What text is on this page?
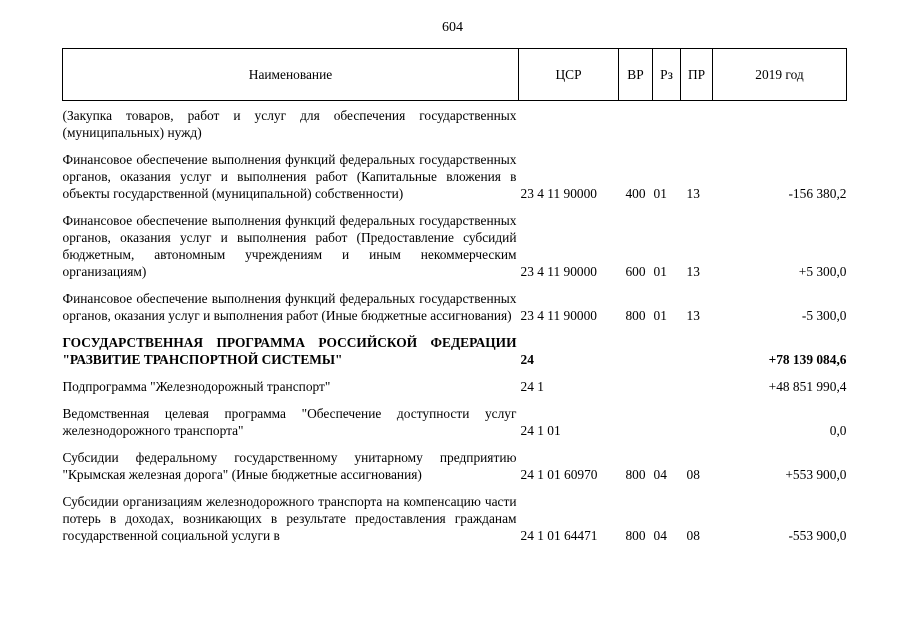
604
Наименование	ЦСР	ВР	Рз	ПР	2019 год
(Закупка товаров, работ и услуг для обеспечения государственных (муниципальных) нужд)					
Финансовое обеспечение выполнения функций федеральных государственных органов, оказания услуг и выполнения работ (Капитальные вложения в объекты государственной (муниципальной) собственности)	23 4 11 90000	400	01	13	-156 380,2
Финансовое обеспечение выполнения функций федеральных государственных органов, оказания услуг и выполнения работ (Предоставление субсидий бюджетным, автономным учреждениям и иным некоммерческим организациям)	23 4 11 90000	600	01	13	+5 300,0
Финансовое обеспечение выполнения функций федеральных государственных органов, оказания услуг и выполнения работ (Иные бюджетные ассигнования)	23 4 11 90000	800	01	13	-5 300,0
ГОСУДАРСТВЕННАЯ ПРОГРАММА РОССИЙСКОЙ ФЕДЕРАЦИИ "РАЗВИТИЕ ТРАНСПОРТНОЙ СИСТЕМЫ"	24				+78 139 084,6
Подпрограмма "Железнодорожный транспорт"	24 1				+48 851 990,4
Ведомственная целевая программа "Обеспечение доступности услуг железнодорожного транспорта"	24 1 01				0,0
Субсидии федеральному государственному унитарному предприятию "Крымская железная дорога" (Иные бюджетные ассигнования)	24 1 01 60970	800	04	08	+553 900,0
Субсидии организациям железнодорожного транспорта на компенсацию части потерь в доходах, возникающих в результате предоставления гражданам государственной социальной услуги в	24 1 01 64471	800	04	08	-553 900,0
